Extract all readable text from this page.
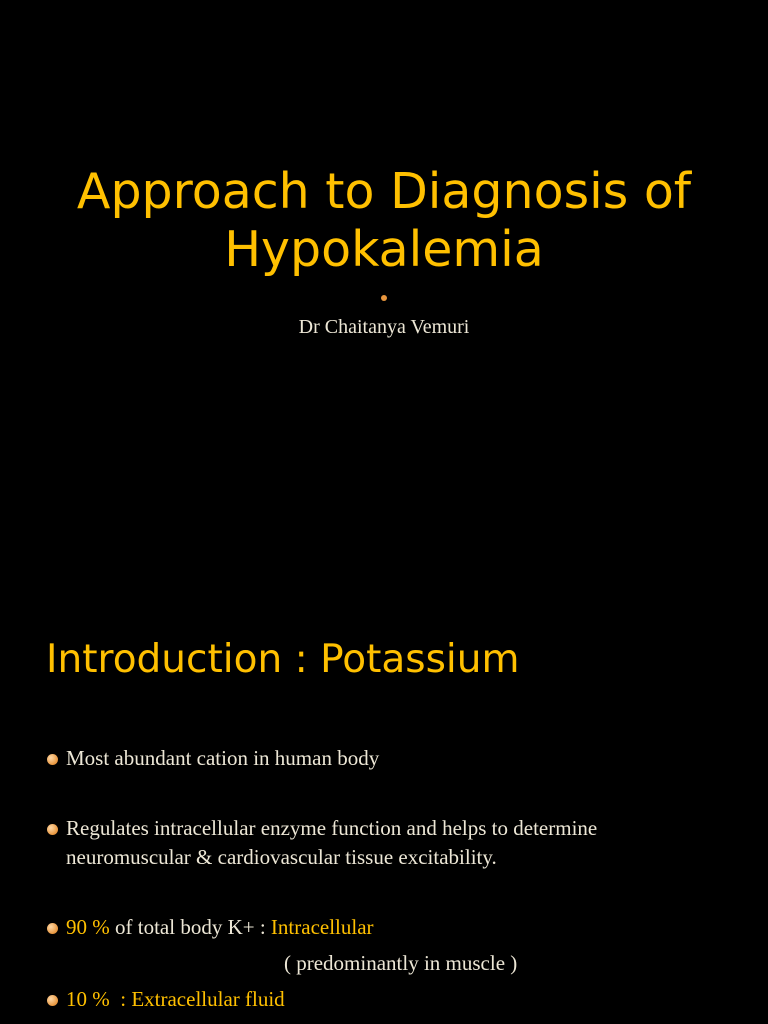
Approach to Diagnosis of
Hypokalemia
Dr Chaitanya Vemuri
Introduction : Potassium
Most abundant cation in human body
Regulates intracellular enzyme function and helps to determine
neuromuscular & cardiovascular tissue excitability.
90 % of total body K+ : Intracellular
( predominantly in muscle )
10 %  : Extracellular fluid
